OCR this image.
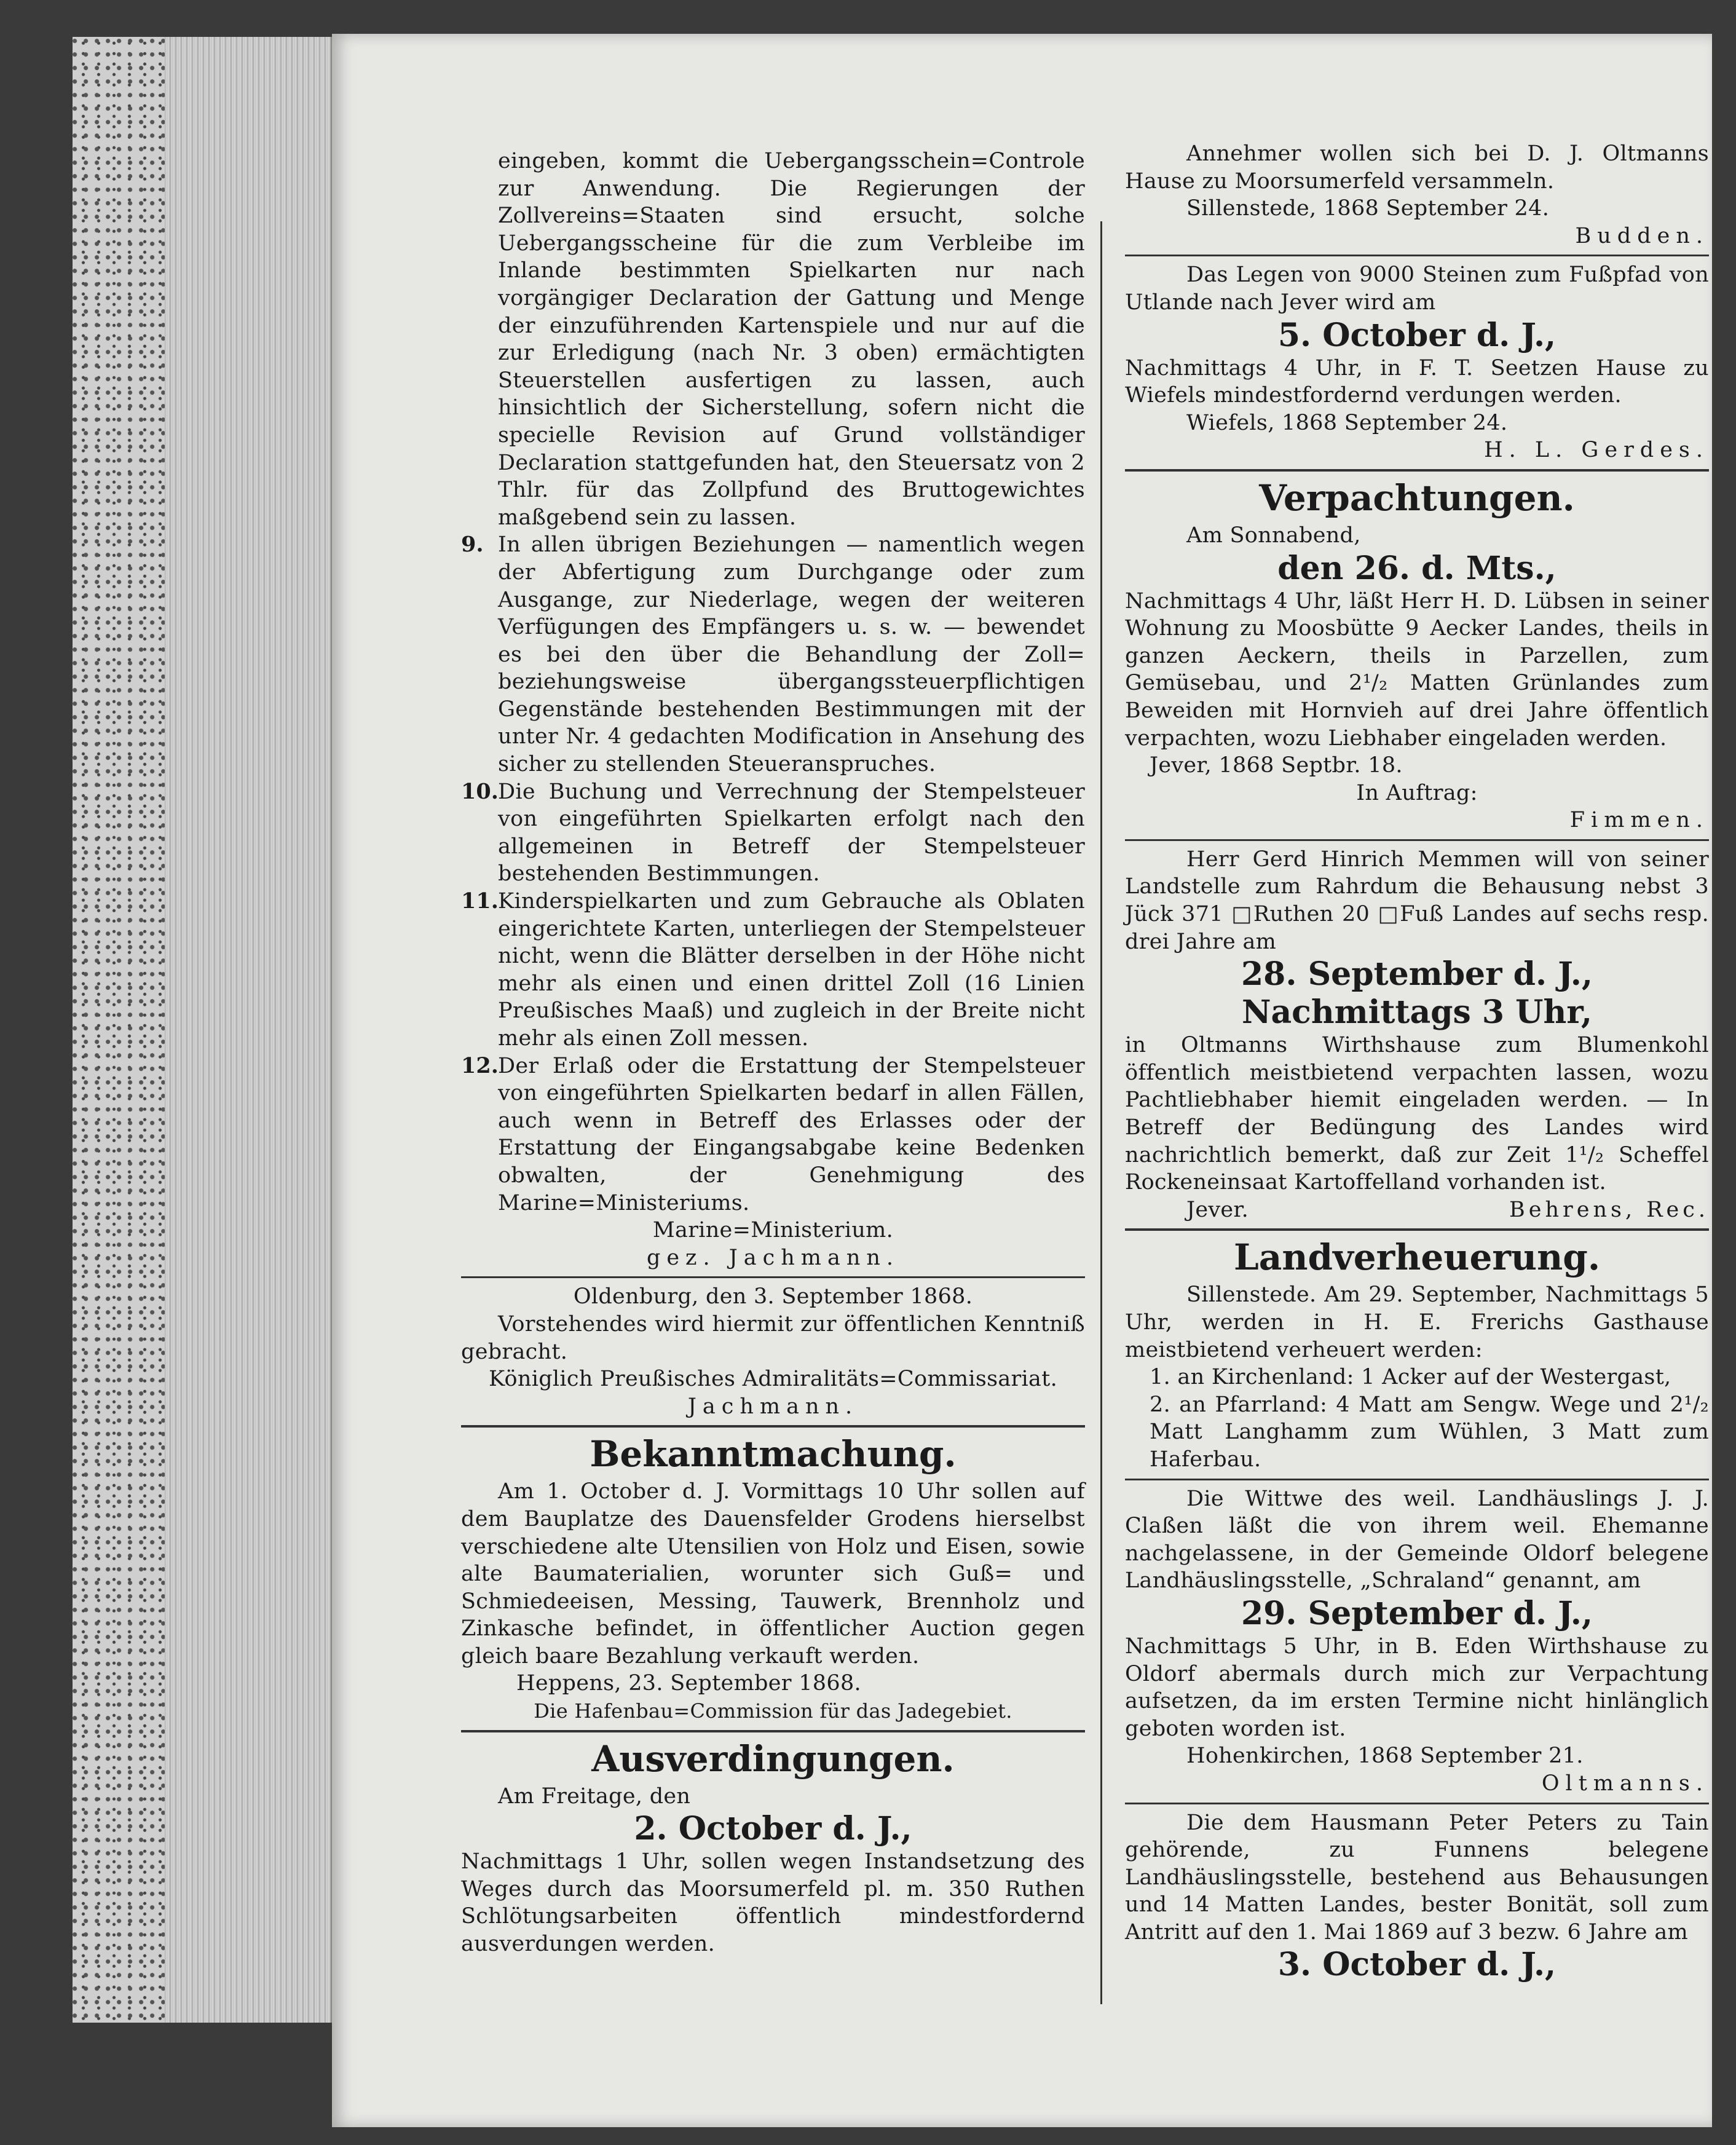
eingeben, kommt die Uebergangsschein=Controle zur Anwendung. Die Regierungen der Zollvereins=Staaten sind ersucht, solche Uebergangsscheine für die zum Verbleibe im Inlande bestimmten Spielkarten nur nach vorgängiger Declaration der Gattung und Menge der einzuführenden Kartenspiele und nur auf die zur Erledigung (nach Nr. 3 oben) ermächtigten Steuerstellen ausfertigen zu lassen, auch hinsichtlich der Sicherstellung, sofern nicht die specielle Revision auf Grund vollständiger Declaration stattgefunden hat, den Steuersatz von 2 Thlr. für das Zollpfund des Bruttogewichtes maßgebend sein zu lassen.

9. In allen übrigen Beziehungen — namentlich wegen der Abfertigung zum Durchgange oder zum Ausgange, zur Niederlage, wegen der weiteren Verfügungen des Empfängers u. s. w. — bewendet es bei den über die Behandlung der Zoll= beziehungsweise übergangssteuerpflichtigen Gegenstände bestehenden Bestimmungen mit der unter Nr. 4 gedachten Modification in Ansehung des sicher zu stellenden Steueranspruches.
10. Die Buchung und Verrechnung der Stempelsteuer von eingeführten Spielkarten erfolgt nach den allgemeinen in Betreff der Stempelsteuer bestehenden Bestimmungen.
11. Kinderspielkarten und zum Gebrauche als Oblaten eingerichtete Karten, unterliegen der Stempelsteuer nicht, wenn die Blätter derselben in der Höhe nicht mehr als einen und einen drittel Zoll (16 Linien Preußisches Maaß) und zugleich in der Breite nicht mehr als einen Zoll messen.
12. Der Erlaß oder die Erstattung der Stempelsteuer von eingeführten Spielkarten bedarf in allen Fällen, auch wenn in Betreff des Erlasses oder der Erstattung der Eingangsabgabe keine Bedenken obwalten, der Genehmigung des Marine=Ministeriums.

Marine=Ministerium.

gez. Jachmann.

Oldenburg, den 3. September 1868.

Vorstehendes wird hiermit zur öffentlichen Kenntniß gebracht.

Königlich Preußisches Admiralitäts=Commissariat.

Jachmann.

Bekanntmachung.

Am 1. October d. J. Vormittags 10 Uhr sollen auf dem Bauplatze des Dauensfelder Grodens hierselbst verschiedene alte Utensilien von Holz und Eisen, sowie alte Baumaterialien, worunter sich Guß= und Schmiedeeisen, Messing, Tauwerk, Brennholz und Zinkasche befindet, in öffentlicher Auction gegen gleich baare Bezahlung verkauft werden.

Heppens, 23. September 1868.

Die Hafenbau=Commission für das Jadegebiet.

Ausverdingungen.

Am Freitage, den

2. October d. J.,

Nachmittags 1 Uhr, sollen wegen Instandsetzung des Weges durch das Moorsumerfeld pl. m. 350 Ruthen Schlötungsarbeiten öffentlich mindestfordernd ausverdungen werden.

Annehmer wollen sich bei D. J. Oltmanns Hause zu Moorsumerfeld versammeln.

Sillenstede, 1868 September 24.

Budden.

Das Legen von 9000 Steinen zum Fußpfad von Utlande nach Jever wird am

5. October d. J.,

Nachmittags 4 Uhr, in F. T. Seetzen Hause zu Wiefels mindestfordernd verdungen werden.

Wiefels, 1868 September 24.

H. L. Gerdes.

Verpachtungen.

Am Sonnabend,

den 26. d. Mts.,

Nachmittags 4 Uhr, läßt Herr H. D. Lübsen in seiner Wohnung zu Moosbütte 9 Aecker Landes, theils in ganzen Aeckern, theils in Parzellen, zum Gemüsebau, und 2¹/₂ Matten Grünlandes zum Beweiden mit Hornvieh auf drei Jahre öffentlich verpachten, wozu Liebhaber eingeladen werden.

Jever, 1868 Septbr. 18.

In Auftrag:

Fimmen.

Herr Gerd Hinrich Memmen will von seiner Landstelle zum Rahrdum die Behausung nebst 3 Jück 371 □Ruthen 20 □Fuß Landes auf sechs resp. drei Jahre am

28. September d. J.,

Nachmittags 3 Uhr,

in Oltmanns Wirthshause zum Blumenkohl öffentlich meistbietend verpachten lassen, wozu Pachtliebhaber hiemit eingeladen werden. — In Betreff der Bedüngung des Landes wird nachrichtlich bemerkt, daß zur Zeit 1¹/₂ Scheffel Rockeneinsaat Kartoffelland vorhanden ist.

Jever.	Behrens, Rec.

Landverheuerung.

Sillenstede. Am 29. September, Nachmittags 5 Uhr, werden in H. E. Frerichs Gasthause meistbietend verheuert werden:

1. an Kirchenland: 1 Acker auf der Westergast,

2. an Pfarrland: 4 Matt am Sengw. Wege und 2¹/₂ Matt Langhamm zum Wühlen, 3 Matt zum Haferbau.

Die Wittwe des weil. Landhäuslings J. J. Claßen läßt die von ihrem weil. Ehemanne nachgelassene, in der Gemeinde Oldorf belegene Landhäuslingsstelle, „Schraland“ genannt, am

29. September d. J.,

Nachmittags 5 Uhr, in B. Eden Wirthshause zu Oldorf abermals durch mich zur Verpachtung aufsetzen, da im ersten Termine nicht hinlänglich geboten worden ist.

Hohenkirchen, 1868 September 21.

Oltmanns.

Die dem Hausmann Peter Peters zu Tain gehörende, zu Funnens belegene Landhäuslingsstelle, bestehend aus Behausungen und 14 Matten Landes, bester Bonität, soll zum Antritt auf den 1. Mai 1869 auf 3 bezw. 6 Jahre am

3. October d. J.,
